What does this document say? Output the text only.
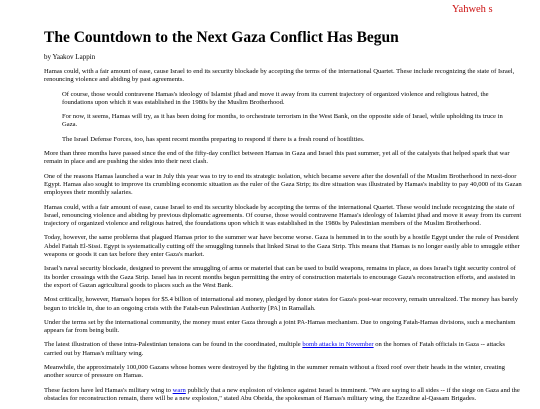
Yahweh s
The Countdown to the Next Gaza Conflict Has Begun
by Yaakov Lappin

Hamas could, with a fair amount of ease, cause Israel to end its security blockade by accepting the terms of the international Quartet. These include recognizing the state of Israel, renouncing violence and abiding by past agreements.

Of course, those would contravene Hamas's ideology of Islamist jihad and move it away from its current trajectory of organized violence and religious hatred, the foundations upon which it was established in the 1980s by the Muslim Brotherhood.

For now, it seems, Hamas will try, as it has been doing for months, to orchestrate terrorism in the West Bank, on the opposite side of Israel, while upholding its truce in Gaza.

The Israel Defense Forces, too, has spent recent months preparing to respond if there is a fresh round of hostilities.

More than three months have passed since the end of the fifty-day conflict between Hamas in Gaza and Israel this past summer, yet all of the catalysts that helped spark that war remain in place and are pushing the sides into their next clash.

One of the reasons Hamas launched a war in July this year was to try to end its strategic isolation, which became severe after the downfall of the Muslim Brotherhood in next-door Egypt. Hamas also sought to improve its crumbling economic situation as the ruler of the Gaza Strip; its dire situation was illustrated by Hamas's inability to pay 40,000 of its Gazan employees their monthly salaries.

Hamas could, with a fair amount of ease, cause Israel to end its security blockade by accepting the terms of the international Quartet. These would include recognizing the state of Israel, renouncing violence and abiding by previous diplomatic agreements. Of course, those would contravene Hamas's ideology of Islamist jihad and move it away from its current trajectory of organized violence and religious hatred, the foundations upon which it was established in the 1980s by Palestinian members of the Muslim Brotherhood.

Today, however, the same problems that plagued Hamas prior to the summer war have become worse. Gaza is hemmed in to the south by a hostile Egypt under the rule of President Abdel Fattah El-Sissi. Egypt is systematically cutting off the smuggling tunnels that linked Sinai to the Gaza Strip. This means that Hamas is no longer easily able to smuggle either weapons or goods it can tax before they enter Gaza's market.

Israel's naval security blockade, designed to prevent the smuggling of arms or materiel that can be used to build weapons, remains in place, as does Israel's tight security control of its border crossings with the Gaza Strip. Israel has in recent months begun permitting the entry of construction materials to encourage Gaza's reconstruction efforts, and assisted in the export of Gazan agricultural goods to places such as the West Bank.

Most critically, however, Hamas's hopes for $5.4 billion of international aid money, pledged by donor states for Gaza's post-war recovery, remain unrealized. The money has barely begun to trickle in, due to an ongoing crisis with the Fatah-run Palestinian Authority [PA] in Ramallah.

Under the terms set by the international community, the money must enter Gaza through a joint PA-Hamas mechanism. Due to ongoing Fatah-Hamas divisions, such a mechanism appears far from being built.

The latest illustration of these intra-Palestinian tensions can be found in the coordinated, multiple bomb attacks in November on the homes of Fatah officials in Gaza -- attacks carried out by Hamas's military wing.

Meanwhile, the approximately 100,000 Gazans whose homes were destroyed by the fighting in the summer remain without a fixed roof over their heads in the winter, creating another source of pressure on Hamas.

These factors have led Hamas's military wing to warn publicly that a new explosion of violence against Israel is imminent. "We are saying to all sides -- if the siege on Gaza and the obstacles for reconstruction remain, there will be a new explosion," stated Abu Obeida, the spokesman of Hamas's military wing, the Ezzedine al-Qassam Brigades.
